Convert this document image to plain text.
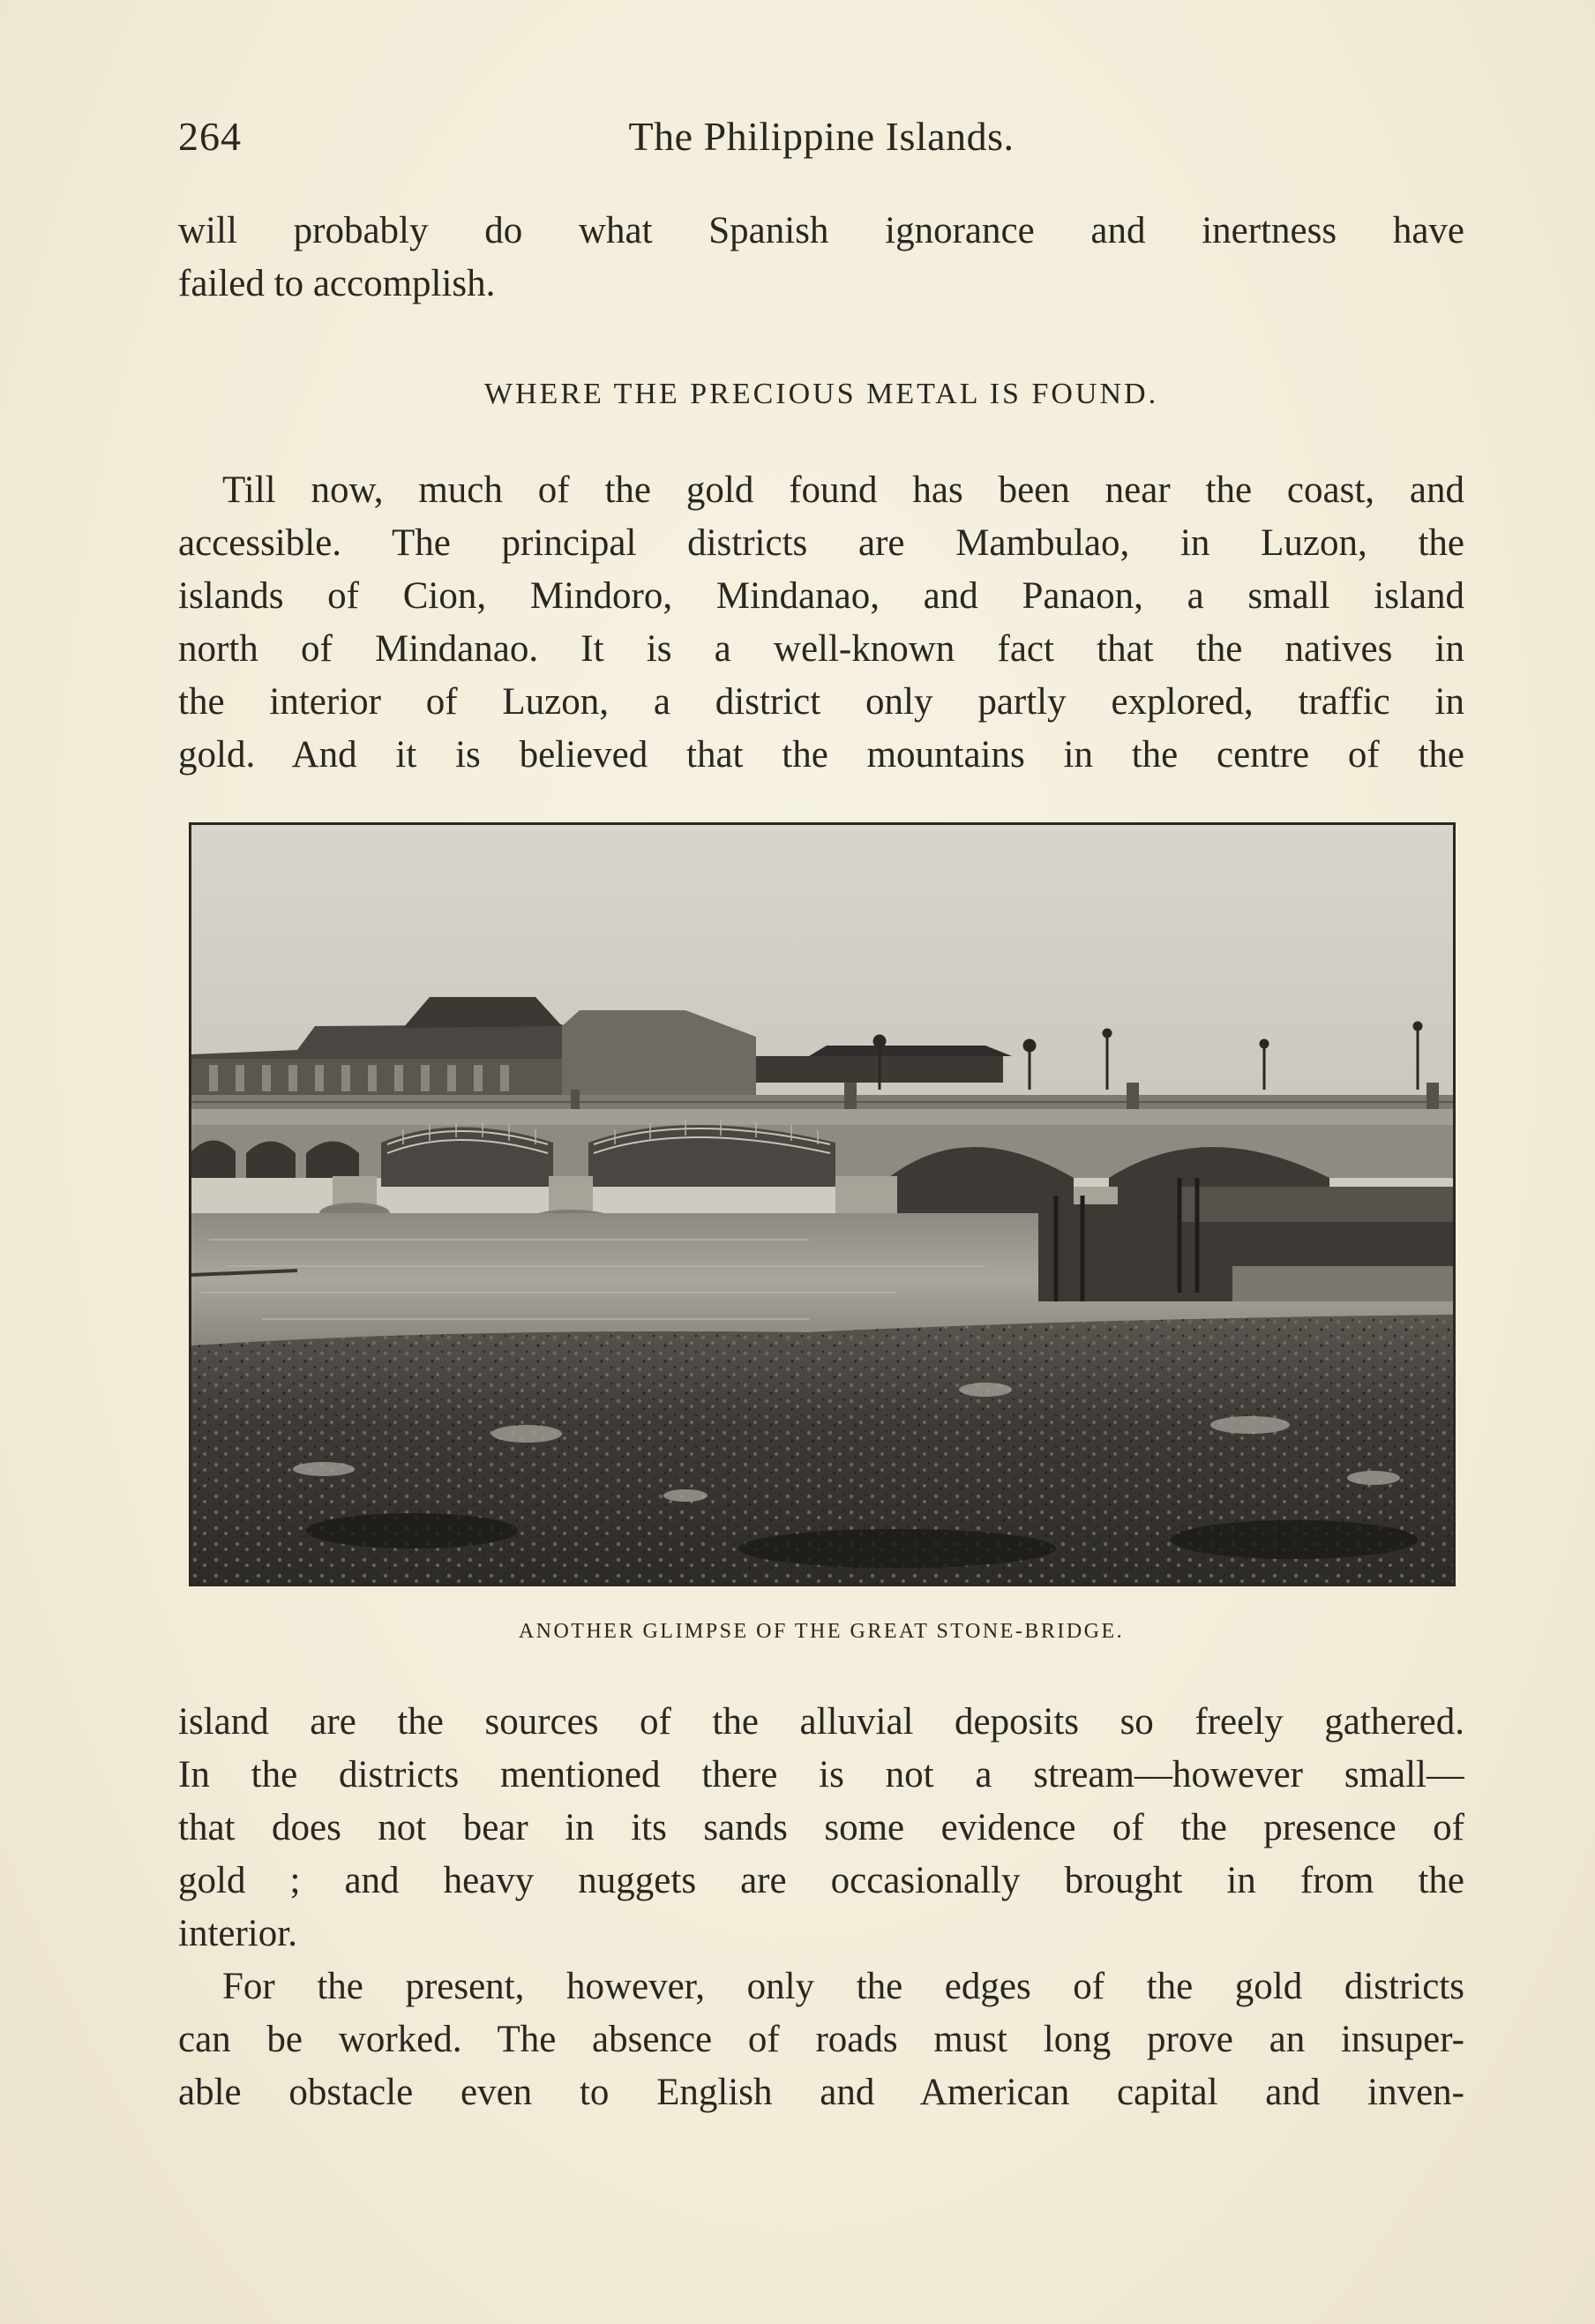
264	The Philippine Islands.
will probably do what Spanish ignorance and inertness have
failed to accomplish.
WHERE THE PRECIOUS METAL IS FOUND.
Till now, much of the gold found has been near the coast, and
accessible. The principal districts are Mambulao, in Luzon, the
islands of Cion, Mindoro, Mindanao, and Panaon, a small island
north of Mindanao. It is a well-known fact that the natives in
the interior of Luzon, a district only partly explored, traffic in
gold. And it is believed that the mountains in the centre of the
ANOTHER GLIMPSE OF THE GREAT STONE-BRIDGE.
island are the sources of the alluvial deposits so freely gathered.
In the districts mentioned there is not a stream—however small—
that does not bear in its sands some evidence of the presence of
gold ; and heavy nuggets are occasionally brought in from the
interior.
For the present, however, only the edges of the gold districts
can be worked. The absence of roads must long prove an insuper-
able obstacle even to English and American capital and inven-
